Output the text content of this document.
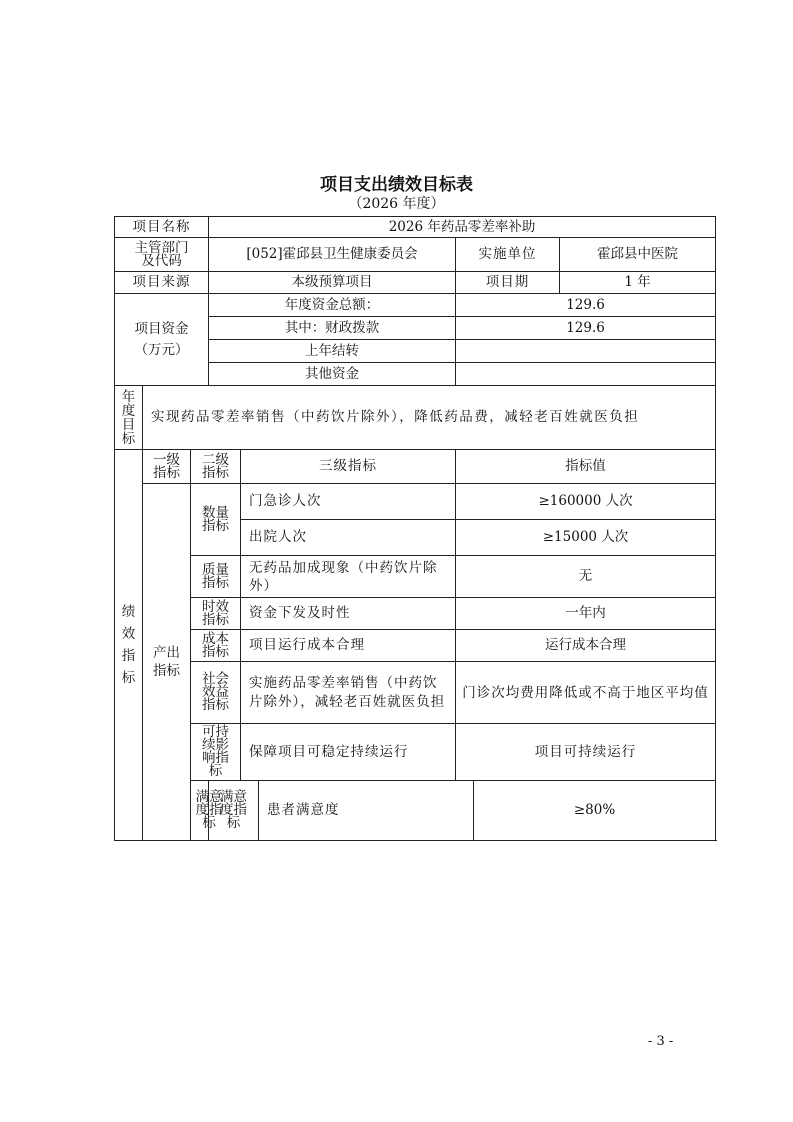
项目支出绩效目标表
（2026 年度）
项目名称			2026 年药品零差率补助					

主管部门及代码			[052]霍邱县卫生健康委员会			实施单位		霍邱县中医院
项目来源			本级预算项目			项目期		1 年

项目资金（万元）			年度资金总额：			129.6		
			其中：财政拨款			129.6		
			上年结转					
			其他资金					

年度目标	实现药品零差率销售（中药饮片除外），降低药品费，减轻老百姓就医负担							

绩效指标	一级指标	二级指标		三级指标		指标值		

	产出指标	数量指标		门急诊人次		≥160000 人次		
				出院人次		≥15000 人次		

		质量指标		无药品加成现象（中药饮片除外）		无		

		时效指标		资金下发及时性		一年内		

		成本指标		项目运行成本合理		运行成本合理		

		社会效益指标		实施药品零差率销售（中药饮片除外），减轻老百姓就医负担		门诊次均费用降低或不高于地区平均值		

		可持续影响指标		保障项目可稳定持续运行		项目可持续运行		

		满意度指标	满意度指标		患者满意度		≥80%	
- 3 -
